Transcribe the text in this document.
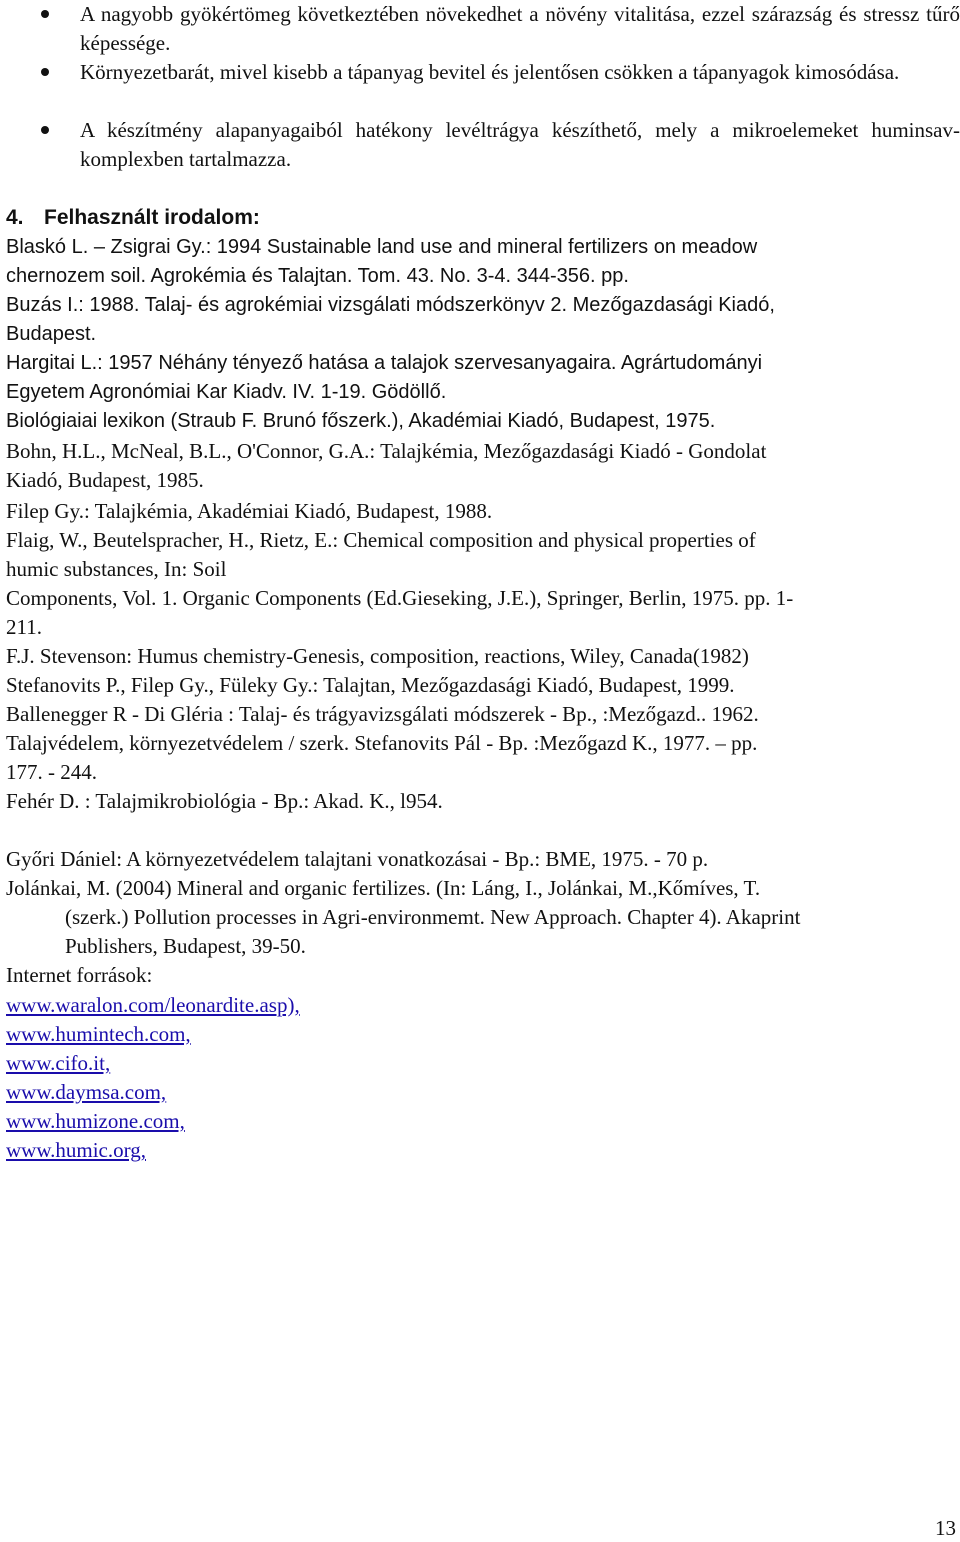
A nagyobb gyökértömeg következtében növekedhet a növény vitalitása, ezzel szárazság és stressz tűrő képessége.
Környezetbarát, mivel kisebb a tápanyag bevitel és jelentősen csökken a tápanyagok kimosódása.
A készítmény alapanyagaiból hatékony levéltrágya készíthető, mely a mikroelemeket huminsav-komplexben tartalmazza.
4. Felhasznált irodalom:
Blaskó L. – Zsigrai Gy.: 1994 Sustainable land use and mineral fertilizers on meadow
chernozem soil. Agrokémia és Talajtan. Tom. 43. No. 3-4. 344-356. pp.
Buzás I.: 1988. Talaj- és agrokémiai vizsgálati módszerkönyv 2. Mezőgazdasági Kiadó,
Budapest.
Hargitai L.: 1957 Néhány tényező hatása a talajok szervesanyagaira. Agrártudományi
Egyetem Agronómiai Kar Kiadv. IV. 1-19. Gödöllő.
Biológiaiai lexikon (Straub F. Brunó főszerk.), Akadémiai Kiadó, Budapest, 1975.
Bohn, H.L., McNeal, B.L., O'Connor, G.A.: Talajkémia, Mezőgazdasági Kiadó - Gondolat
Kiadó, Budapest, 1985.
Filep Gy.: Talajkémia, Akadémiai Kiadó, Budapest, 1988.
Flaig, W., Beutelspracher, H., Rietz, E.: Chemical composition and physical properties of
humic substances, In: Soil
Components, Vol. 1. Organic Components (Ed.Gieseking, J.E.), Springer, Berlin, 1975. pp. 1-
211.
F.J. Stevenson: Humus chemistry-Genesis, composition, reactions, Wiley, Canada(1982)
Stefanovits P., Filep Gy., Füleky Gy.: Talajtan, Mezőgazdasági Kiadó, Budapest, 1999.
Ballenegger R - Di Gléria : Talaj- és trágyavizsgálati módszerek - Bp., :Mezőgazd.. 1962.
Talajvédelem, környezetvédelem / szerk. Stefanovits Pál - Bp. :Mezőgazd K., 1977. – pp.
177. - 244.
Fehér D. : Talajmikrobiológia - Bp.: Akad. K., l954.
Győri Dániel: A környezetvédelem talajtani vonatkozásai - Bp.: BME, 1975. - 70 p.
Jolánkai, M. (2004) Mineral and organic fertilizes. (In: Láng, I., Jolánkai, M.,Kőmíves, T.
(szerk.) Pollution processes in Agri-environmemt. New Approach. Chapter 4). Akaprint
Publishers, Budapest, 39-50.
Internet források:
www.waralon.com/leonardite.asp),
www.humintech.com,
www.cifo.it,
www.daymsa.com,
www.humizone.com,
www.humic.org,
13
